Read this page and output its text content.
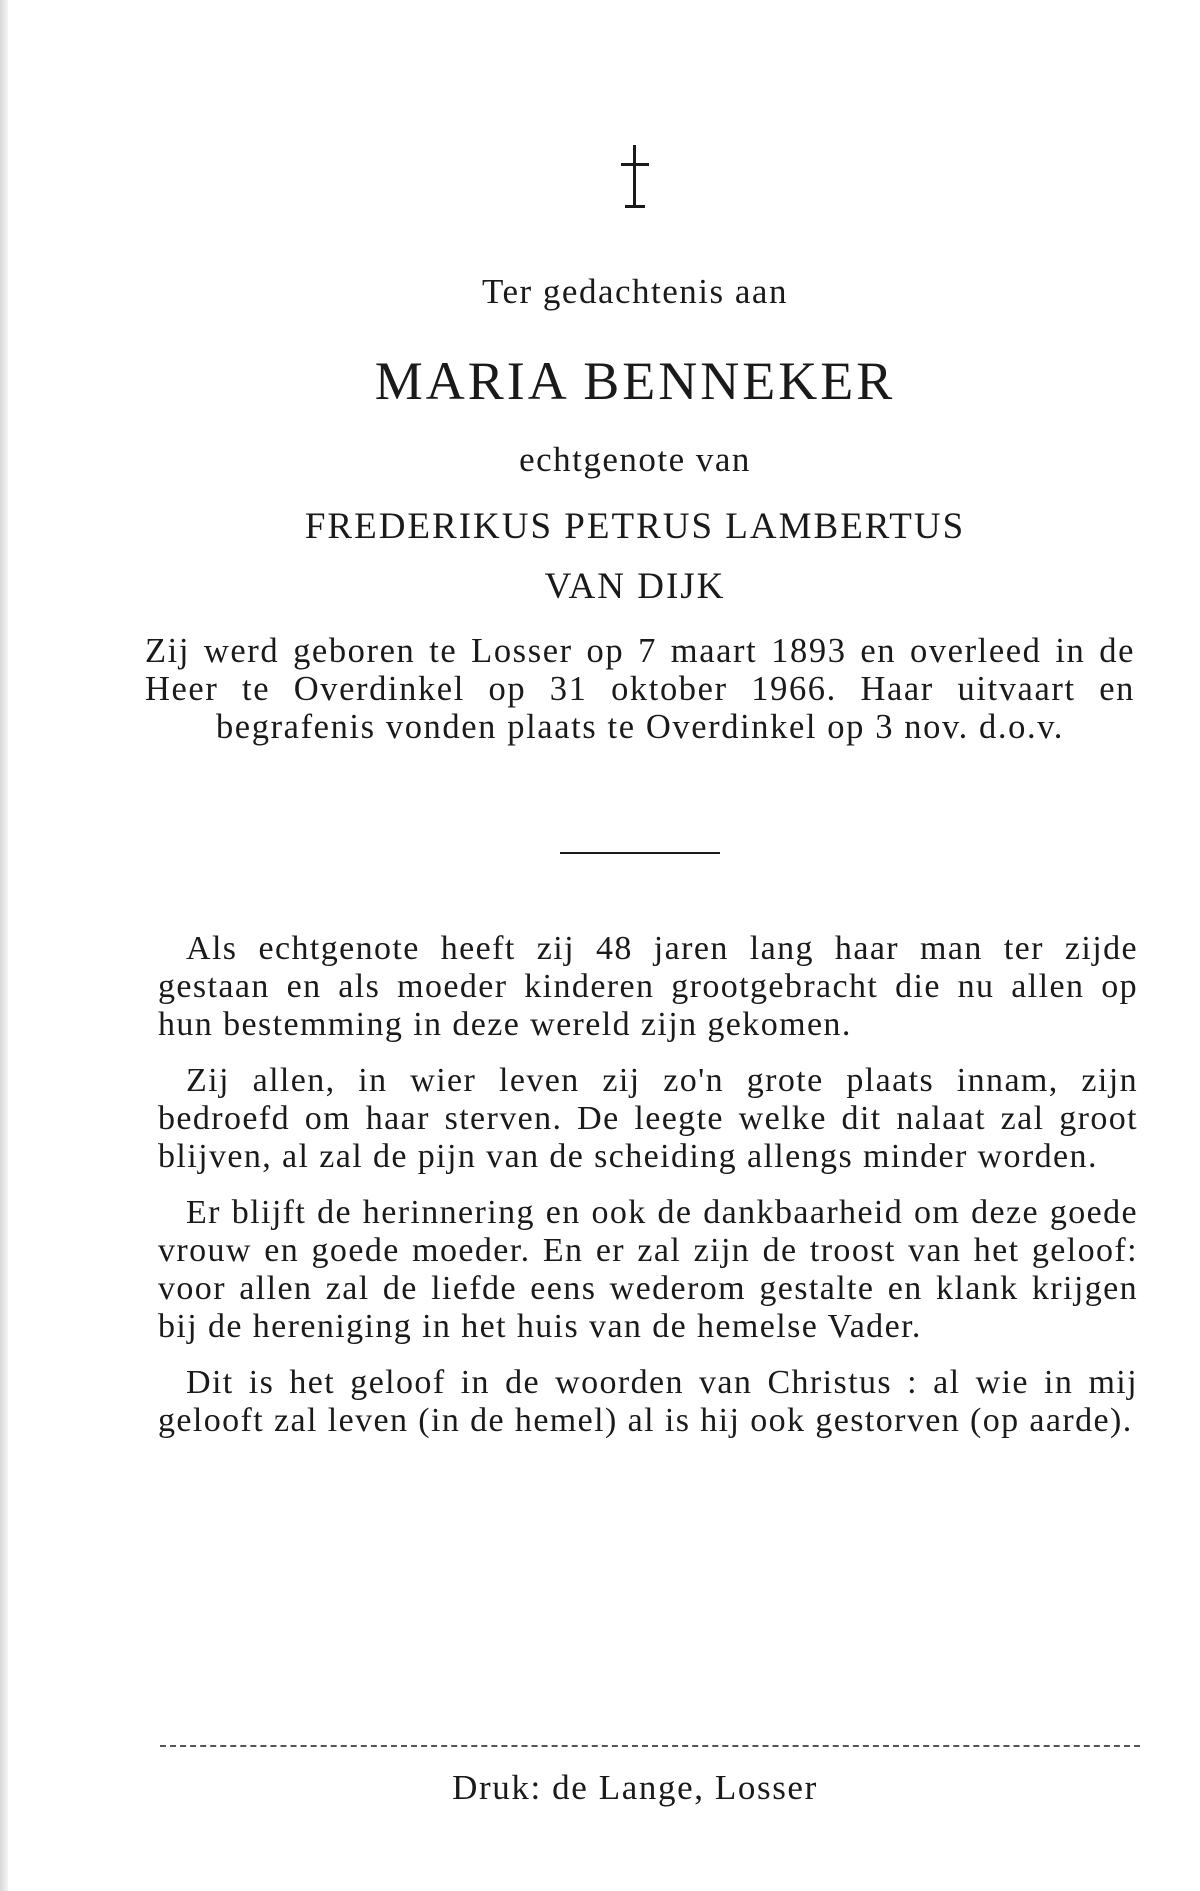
Ter gedachtenis aan
MARIA BENNEKER
echtgenote van
FREDERIKUS PETRUS LAMBERTUS
VAN DIJK
Zij werd geboren te Losser op 7 maart 1893 en overleed in de Heer te Overdinkel op 31 oktober 1966. Haar uitvaart en begrafenis vonden plaats te Overdinkel op 3 nov. d.o.v.

Als echtgenote heeft zij 48 jaren lang haar man ter zijde gestaan en als moeder kinderen grootgebracht die nu allen op hun bestemming in deze wereld zijn gekomen.

Zij allen, in wier leven zij zo'n grote plaats innam, zijn bedroefd om haar sterven. De leegte welke dit nalaat zal groot blijven, al zal de pijn van de scheiding allengs minder worden.

Er blijft de herinnering en ook de dankbaarheid om deze goede vrouw en goede moeder. En er zal zijn de troost van het geloof: voor allen zal de liefde eens wederom gestalte en klank krijgen bij de hereniging in het huis van de hemelse Vader.

Dit is het geloof in de woorden van Christus : al wie in mij gelooft zal leven (in de hemel) al is hij ook gestorven (op aarde).

Druk: de Lange, Losser
